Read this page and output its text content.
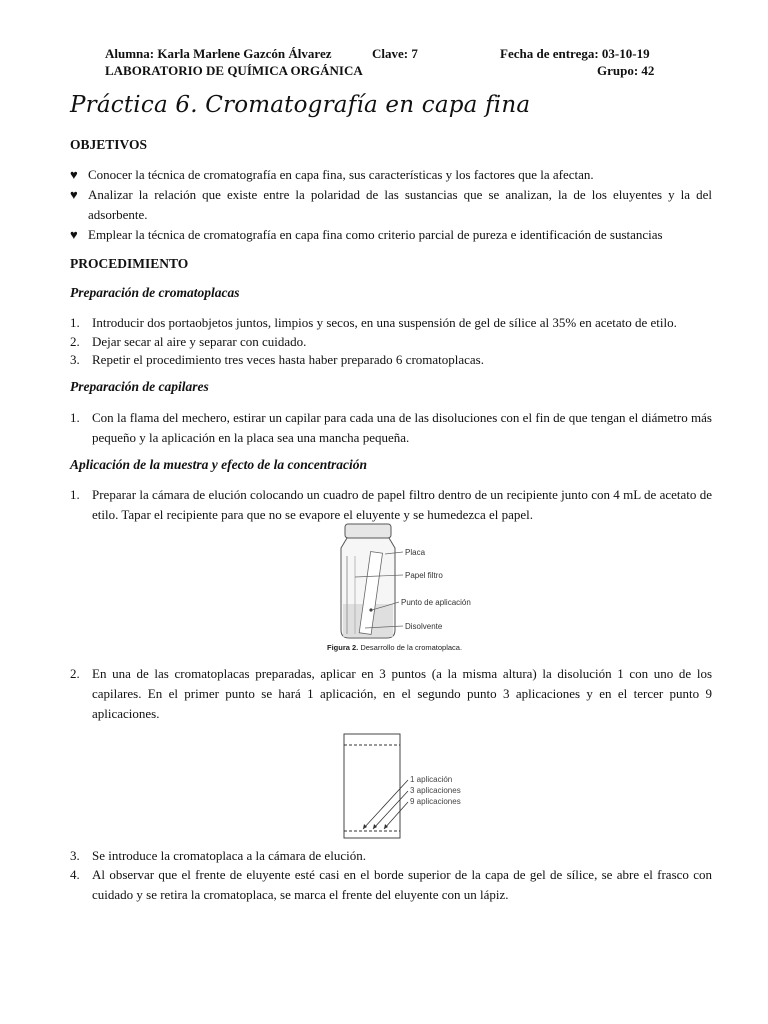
Alumna: Karla Marlene Gazcón Álvarez	Clave: 7	Fecha de entrega: 03-10-19
LABORATORIO DE QUÍMICA ORGÁNICA	Grupo: 42
Práctica 6. Cromatografía en capa fina
OBJETIVOS
♥ Conocer la técnica de cromatografía en capa fina, sus características y los factores que la afectan.
♥ Analizar la relación que existe entre la polaridad de las sustancias que se analizan, la de los eluyentes y la del adsorbente.
♥ Emplear la técnica de cromatografía en capa fina como criterio parcial de pureza e identificación de sustancias
PROCEDIMIENTO
Preparación de cromatoplacas
1. Introducir dos portaobjetos juntos, limpios y secos, en una suspensión de gel de sílice al 35% en acetato de etilo.
2. Dejar secar al aire y separar con cuidado.
3. Repetir el procedimiento tres veces hasta haber preparado 6 cromatoplacas.
Preparación de capilares
1. Con la flama del mechero, estirar un capilar para cada una de las disoluciones con el fin de que tengan el diámetro más pequeño y la aplicación en la placa sea una mancha pequeña.
Aplicación de la muestra y efecto de la concentración
1. Preparar la cámara de elución colocando un cuadro de papel filtro dentro de un recipiente junto con 4 mL de acetato de etilo. Tapar el recipiente para que no se evapore el eluyente y se humedezca el papel.
Placa
Papel filtro
Punto de aplicación
Disolvente
Figura 2. Desarrollo de la cromatoplaca.
2. En una de las cromatoplacas preparadas, aplicar en 3 puntos (a la misma altura) la disolución 1 con uno de los capilares. En el primer punto se hará 1 aplicación, en el segundo punto 3 aplicaciones y en el tercer punto 9 aplicaciones.
1 aplicación
3 aplicaciones
9 aplicaciones
3. Se introduce la cromatoplaca a la cámara de elución.
4. Al observar que el frente de eluyente esté casi en el borde superior de la capa de gel de sílice, se abre el frasco con cuidado y se retira la cromatoplaca, se marca el frente del eluyente con un lápiz.
